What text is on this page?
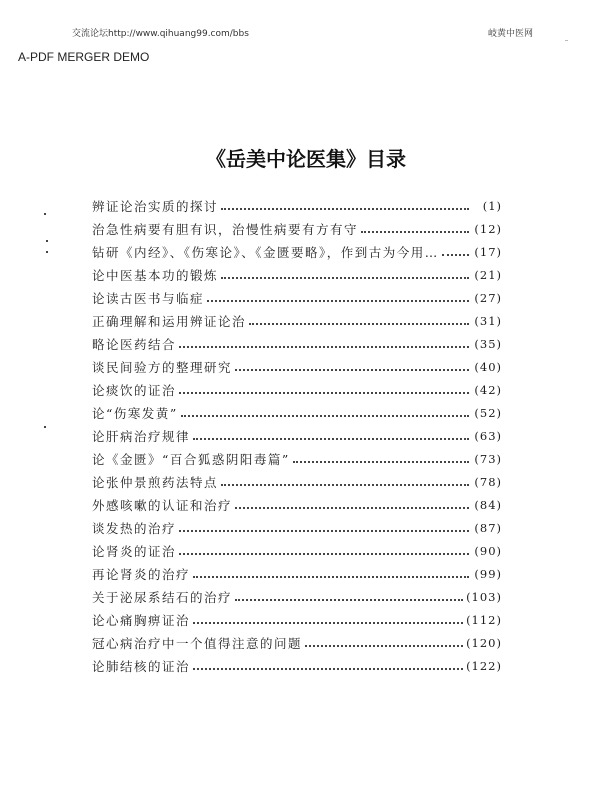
交流论坛http://www.qihuang99.com/bbs	岐黄中医网
A-PDF MERGER DEMO
《岳美中论医集》目录
辨证论治实质的探讨	(1)
治急性病要有胆有识，治慢性病要有方有守	(12)
钻研《内经》、《伤寒论》、《金匮要略》，作到古为今用…	(17)
论中医基本功的锻炼	(21)
论读古医书与临症	(27)
正确理解和运用辨证论治	(31)
略论医药结合	(35)
谈民间验方的整理研究	(40)
论痰饮的证治	(42)
论“伤寒发黄”	(52)
论肝病治疗规律	(63)
论《金匮》“百合狐惑阴阳毒篇”	(73)
论张仲景煎药法特点	(78)
外感咳嗽的认证和治疗	(84)
谈发热的治疗	(87)
论肾炎的证治	(90)
再论肾炎的治疗	(99)
关于泌尿系结石的治疗	(103)
论心痛胸痹证治	(112)
冠心病治疗中一个值得注意的问题	(120)
论肺结核的证治	(122)
